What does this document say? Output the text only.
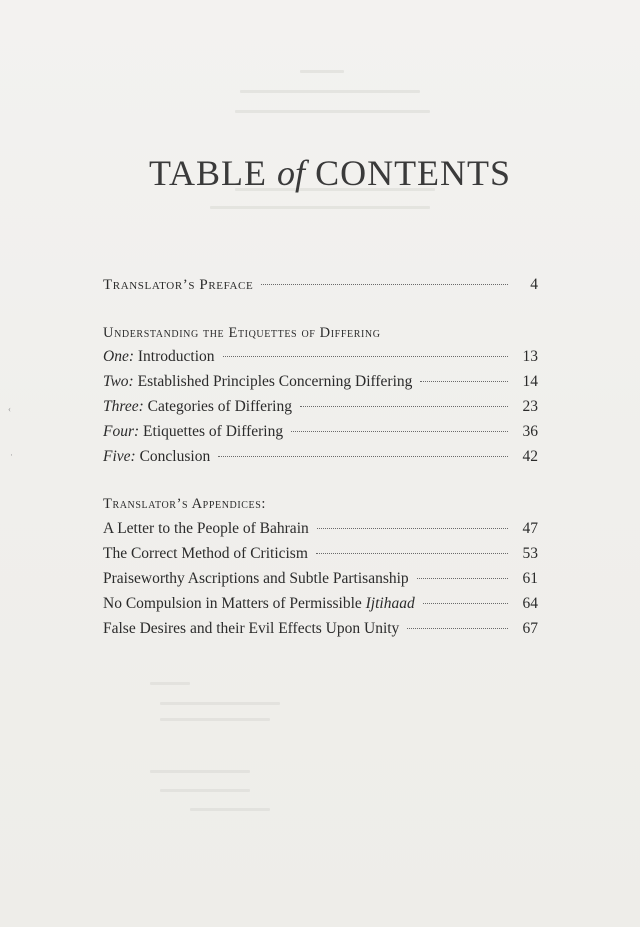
‹
·
TABLE of CONTENTS
Translator’s Preface	4
Understanding the Etiquettes of Differing
One: Introduction	13
Two: Established Principles Concerning Differing	14
Three: Categories of Differing	23
Four: Etiquettes of Differing	36
Five: Conclusion	42
Translator’s Appendices:
A Letter to the People of Bahrain	47
The Correct Method of Criticism	53
Praiseworthy Ascriptions and Subtle Partisanship	61
No Compulsion in Matters of Permissible Ijtihaad	64
False Desires and their Evil Effects Upon Unity	67
